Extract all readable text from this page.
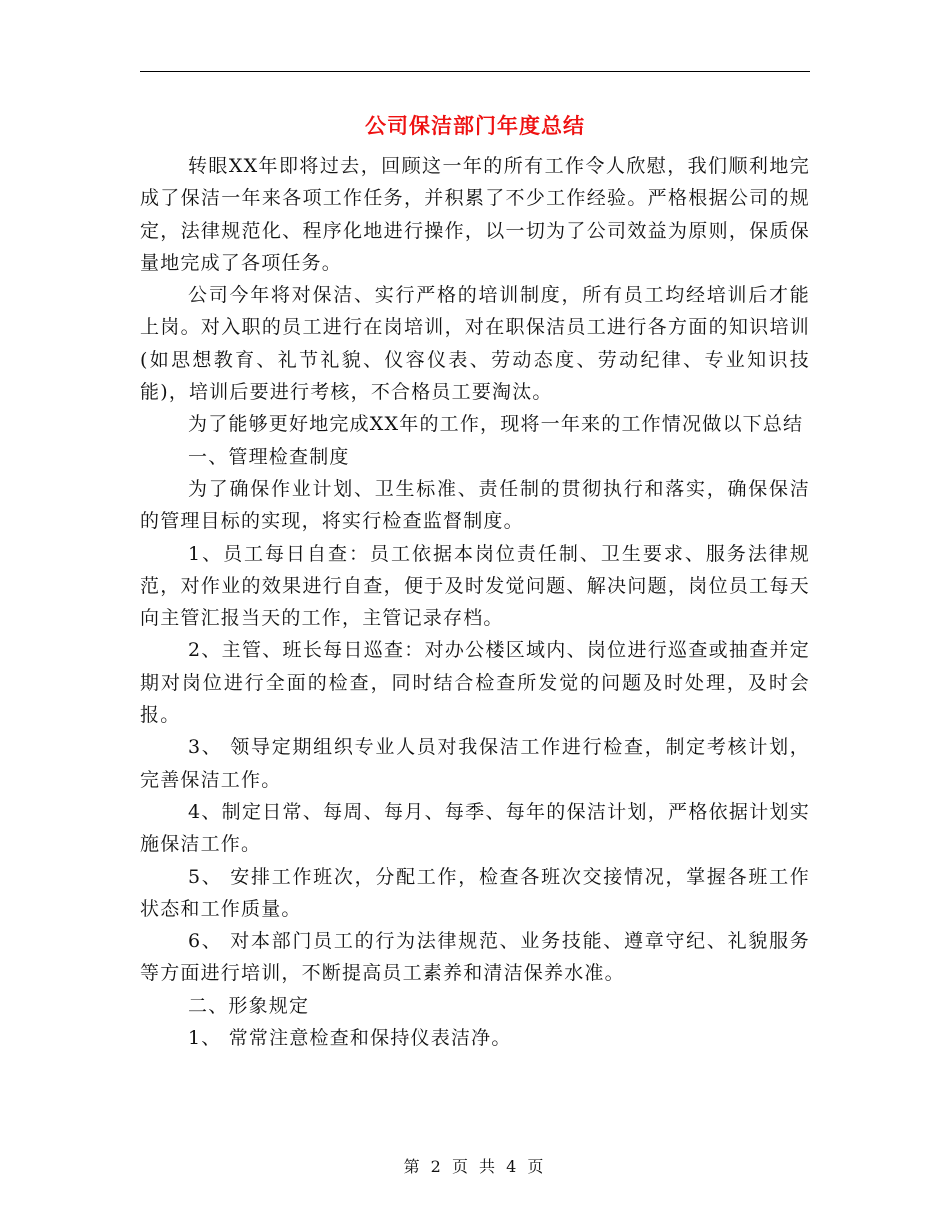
公司保洁部门年度总结

转眼XX年即将过去，回顾这一年的所有工作令人欣慰，我们顺利地完成了保洁一年来各项工作任务，并积累了不少工作经验。严格根据公司的规定，法律规范化、程序化地进行操作，以一切为了公司效益为原则，保质保量地完成了各项任务。

公司今年将对保洁、实行严格的培训制度，所有员工均经培训后才能上岗。对入职的员工进行在岗培训，对在职保洁员工进行各方面的知识培训(如思想教育、礼节礼貌、仪容仪表、劳动态度、劳动纪律、专业知识技能)，培训后要进行考核，不合格员工要淘汰。

为了能够更好地完成XX年的工作，现将一年来的工作情况做以下总结

一、管理检查制度

为了确保作业计划、卫生标准、责任制的贯彻执行和落实，确保保洁的管理目标的实现，将实行检查监督制度。

1、员工每日自查：员工依据本岗位责任制、卫生要求、服务法律规范，对作业的效果进行自查，便于及时发觉问题、解决问题，岗位员工每天向主管汇报当天的工作，主管记录存档。

2、主管、班长每日巡查：对办公楼区域内、岗位进行巡查或抽查并定期对岗位进行全面的检查，同时结合检查所发觉的问题及时处理，及时会报。

3、 领导定期组织专业人员对我保洁工作进行检查，制定考核计划，完善保洁工作。

4、制定日常、每周、每月、每季、每年的保洁计划，严格依据计划实施保洁工作。

5、 安排工作班次，分配工作，检查各班次交接情况，掌握各班工作状态和工作质量。

6、 对本部门员工的行为法律规范、业务技能、遵章守纪、礼貌服务等方面进行培训，不断提高员工素养和清洁保养水准。

二、形象规定

1、 常常注意检查和保持仪表洁净。

第 2 页 共 4 页
